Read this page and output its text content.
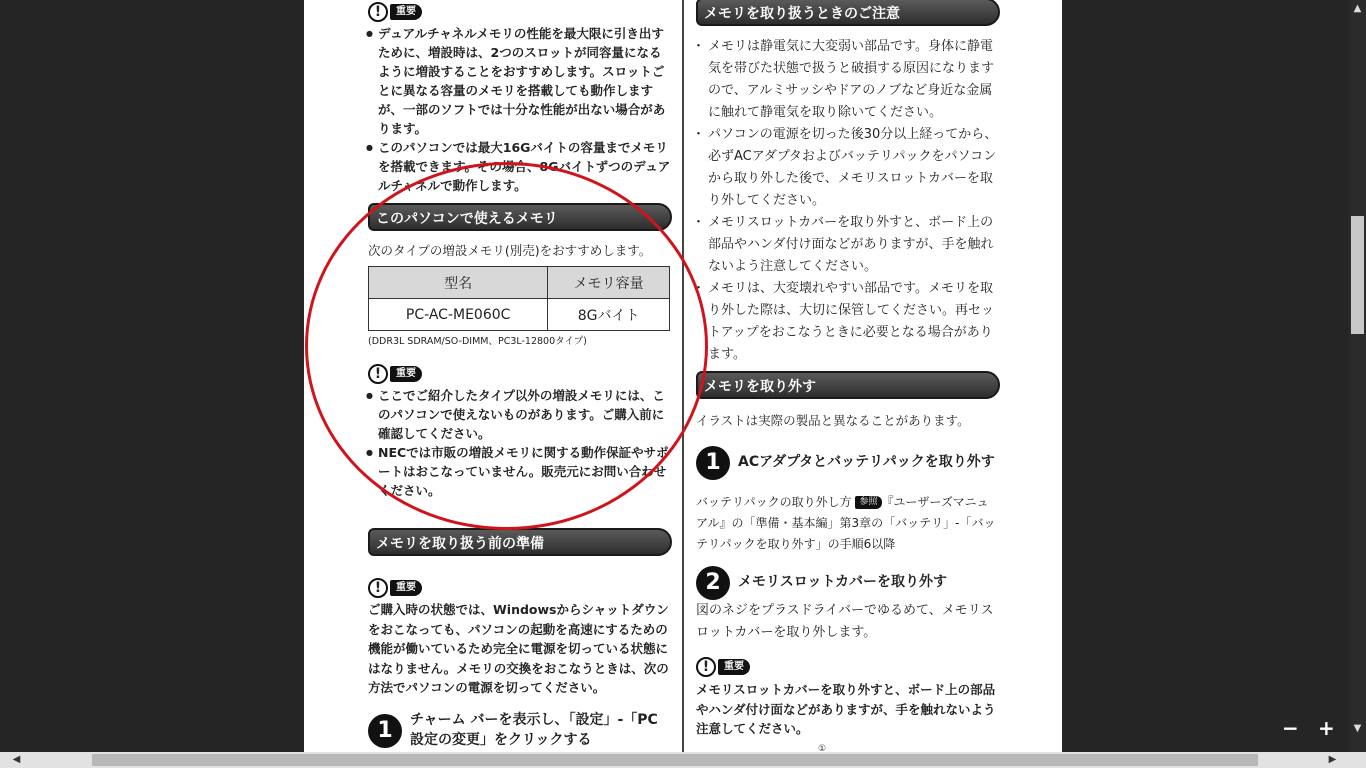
!	重要
● デュアルチャネルメモリの性能を最大限に引き出すために、増設時は、2つのスロットが同容量になるように増設することをおすすめします。スロットごとに異なる容量のメモリを搭載しても動作しますが、一部のソフトでは十分な性能が出ない場合があります。
● このパソコンでは最大16Gバイトの容量までメモリを搭載できます。その場合、8Gバイトずつのデュアルチャネルで動作します。
このパソコンで使えるメモリ
次のタイプの増設メモリ(別売)をおすすめします。
型名	メモリ容量
PC-AC-ME060C	8Gバイト
(DDR3L SDRAM/SO-DIMM、PC3L-12800タイプ)
!	重要
● ここでご紹介したタイプ以外の増設メモリには、このパソコンで使えないものがあります。ご購入前に確認してください。
● NECでは市販の増設メモリに関する動作保証やサポートはおこなっていません。販売元にお問い合わせください。
メモリを取り扱う前の準備
!	重要
ご購入時の状態では、Windowsからシャットダウンをおこなっても、パソコンの起動を高速にするための機能が働いているため完全に電源を切っている状態にはなりません。メモリの交換をおこなうときは、次の方法でパソコンの電源を切ってください。
1	チャーム バーを表示し、「設定」-「PC 設定の変更」をクリックする
メモリを取り扱うときのご注意
・ メモリは静電気に大変弱い部品です。身体に静電気を帯びた状態で扱うと破損する原因になりますので、アルミサッシやドアのノブなど身近な金属に触れて静電気を取り除いてください。
・ パソコンの電源を切った後30分以上経ってから、必ずACアダプタおよびバッテリパックをパソコンから取り外した後で、メモリスロットカバーを取り外してください。
・ メモリスロットカバーを取り外すと、ボード上の部品やハンダ付け面などがありますが、手を触れないよう注意してください。
・ メモリは、大変壊れやすい部品です。メモリを取り外した際は、大切に保管してください。再セットアップをおこなうときに必要となる場合があります。
メモリを取り外す
イラストは実際の製品と異なることがあります。
1	ACアダプタとバッテリパックを取り外す
バッテリパックの取り外し方 参照 『ユーザーズマニュアル』の「準備・基本編」第3章の「バッテリ」-「バッテリパックを取り外す」の手順6以降
2	メモリスロットカバーを取り外す
図のネジをプラスドライバーでゆるめて、メモリスロットカバーを取り外します。
!	重要
メモリスロットカバーを取り外すと、ボード上の部品やハンダ付け面などがありますが、手を触れないよう注意してください。
①
− +
▲
▼
◀	▶
